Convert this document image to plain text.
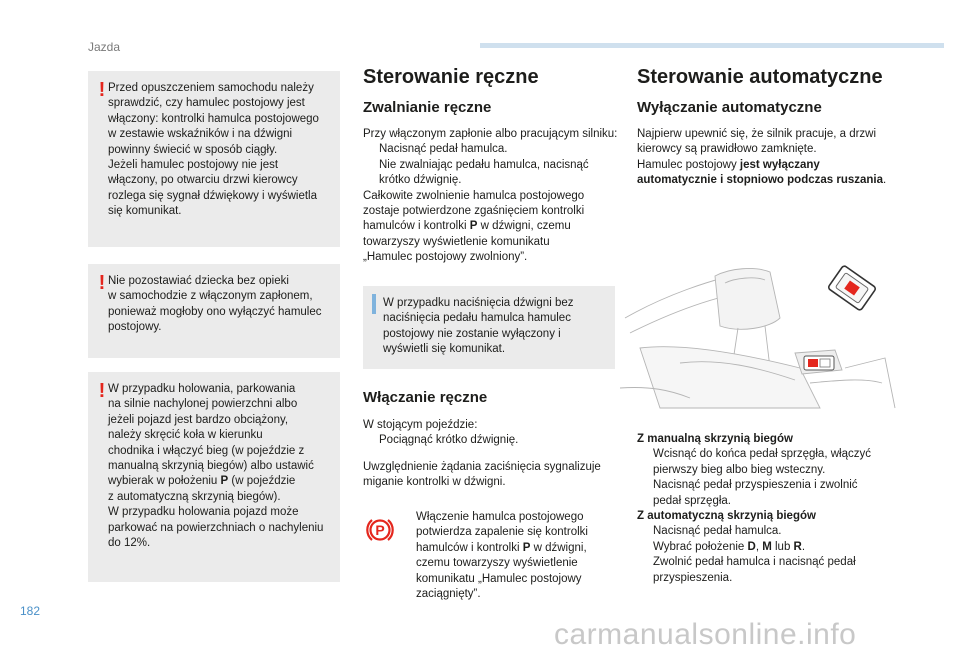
Jazda
! Przed opuszczeniem samochodu należy
sprawdzić, czy hamulec postojowy jest
włączony: kontrolki hamulca postojowego
w zestawie wskaźników i na dźwigni
powinny świecić w sposób ciągły.
Jeżeli hamulec postojowy nie jest
włączony, po otwarciu drzwi kierowcy
rozlega się sygnał dźwiękowy i wyświetla
się komunikat.
! Nie pozostawiać dziecka bez opieki
w samochodzie z włączonym zapłonem,
ponieważ mogłoby ono wyłączyć hamulec
postojowy.
! W przypadku holowania, parkowania
na silnie nachylonej powierzchni albo
jeżeli pojazd jest bardzo obciążony,
należy skręcić koła w kierunku
chodnika i włączyć bieg (w pojeździe z
manualną skrzynią biegów) albo ustawić
wybierak w położeniu P (w pojeździe
z automatyczną skrzynią biegów).
W przypadku holowania pojazd może
parkować na powierzchniach o nachyleniu
do 12%.
Sterowanie ręczne
Zwalnianie ręczne
Przy włączonym zapłonie albo pracującym silniku:
Nacisnąć pedał hamulca.
Nie zwalniając pedału hamulca, nacisnąć
krótko dźwignię.
Całkowite zwolnienie hamulca postojowego
zostaje potwierdzone zgaśnięciem kontrolki
hamulców i kontrolki P w dźwigni, czemu
towarzyszy wyświetlenie komunikatu
„Hamulec postojowy zwolniony”.
W przypadku naciśnięcia dźwigni bez
naciśnięcia pedału hamulca hamulec
postojowy nie zostanie wyłączony i
wyświetli się komunikat.
Włączanie ręczne
W stojącym pojeździe:
Pociągnąć krótko dźwignię.
Uwzględnienie żądania zaciśnięcia sygnalizuje
miganie kontrolki w dźwigni.
P
Włączenie hamulca postojowego
potwierdza zapalenie się kontrolki
hamulców i kontrolki P w dźwigni,
czemu towarzyszy wyświetlenie
komunikatu „Hamulec postojowy
zaciągnięty”.
Sterowanie automatyczne
Wyłączanie automatyczne
Najpierw upewnić się, że silnik pracuje, a drzwi
kierowcy są prawidłowo zamknięte.
Hamulec postojowy jest wyłączany
automatycznie i stopniowo podczas ruszania.
Z manualną skrzynią biegów
Wcisnąć do końca pedał sprzęgła, włączyć
pierwszy bieg albo bieg wsteczny.
Nacisnąć pedał przyspieszenia i zwolnić
pedał sprzęgła.
Z automatyczną skrzynią biegów
Nacisnąć pedał hamulca.
Wybrać położenie D, M lub R.
Zwolnić pedał hamulca i nacisnąć pedał
przyspieszenia.
182
carmanualsonline.info
